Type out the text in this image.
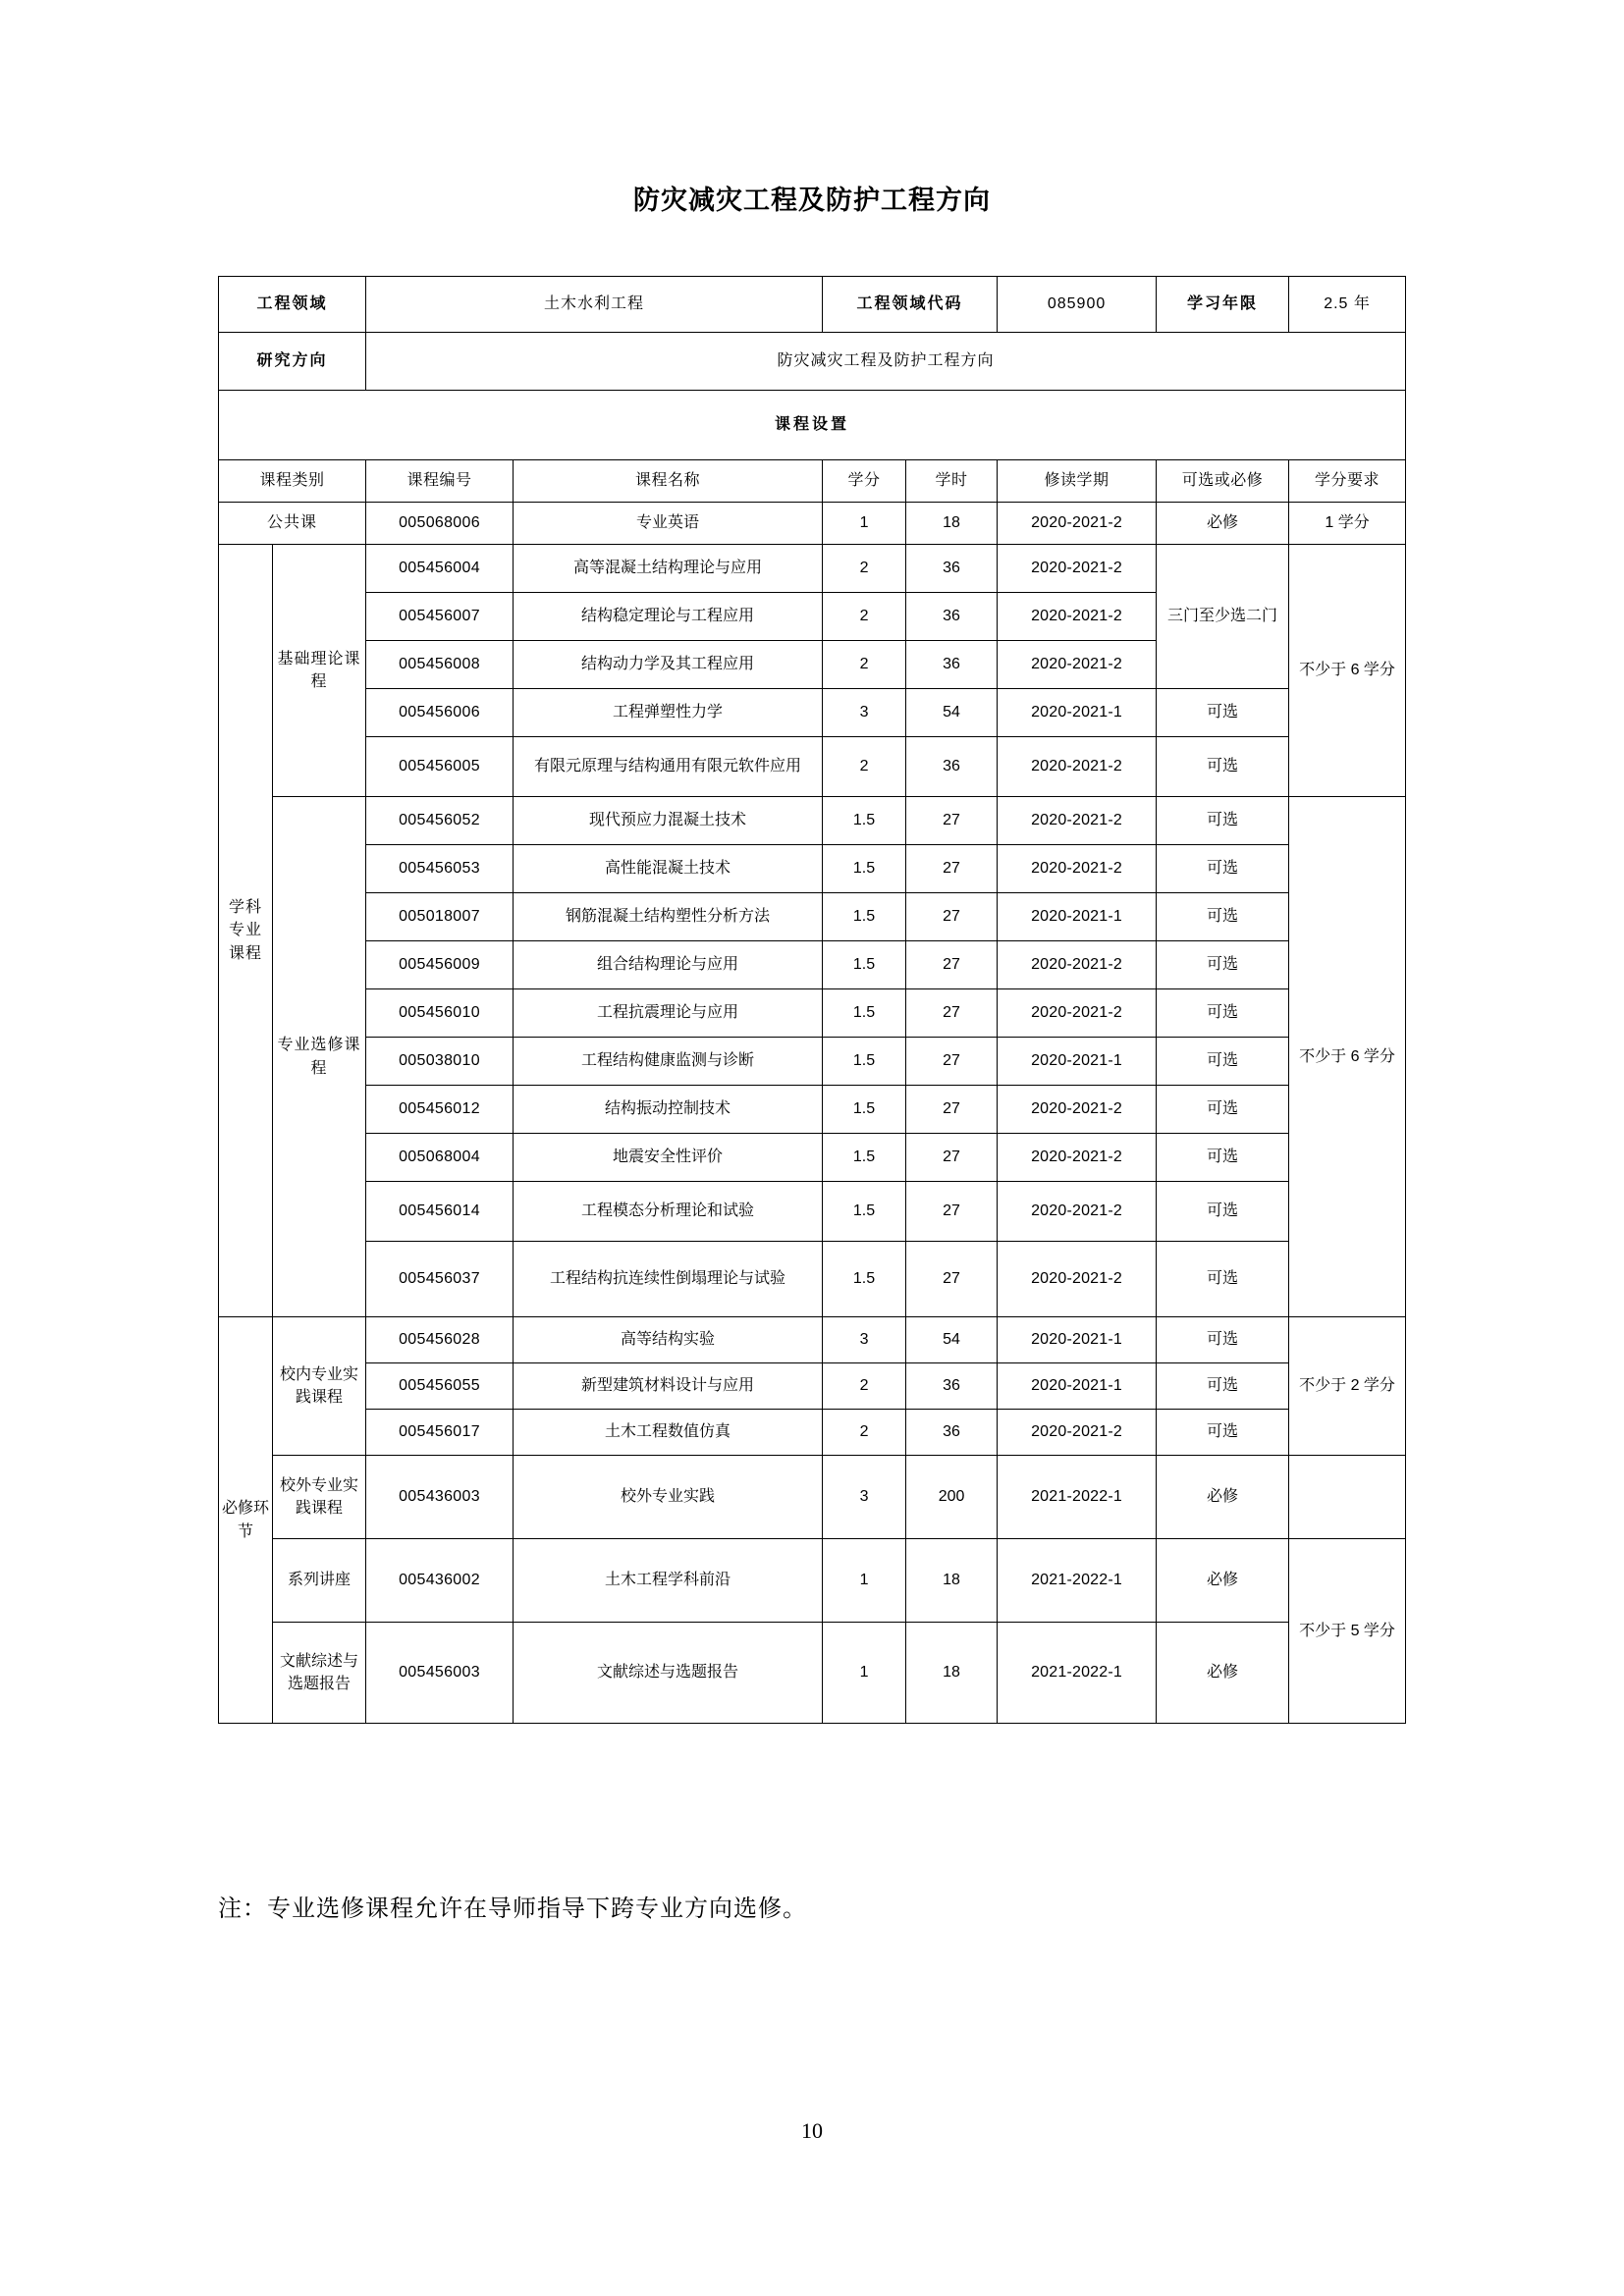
防灾减灾工程及防护工程方向
工程领域		土木水利工程		工程领域代码		085900	学习年限	2.5 年
研究方向		防灾减灾工程及防护工程方向						
课程设置								
课程类别		课程编号	课程名称	学分	学时	修读学期	可选或必修	学分要求
公共课		005068006	专业英语	1	18	2020-2021-2	必修	1 学分
学科专业课程	基础理论课程	005456004	高等混凝土结构理论与应用	2	36	2020-2021-2	三门至少选二门	不少于 6 学分
		005456007	结构稳定理论与工程应用	2	36	2020-2021-2		
		005456008	结构动力学及其工程应用	2	36	2020-2021-2		
		005456006	工程弹塑性力学	3	54	2020-2021-1	可选	
		005456005	有限元原理与结构通用有限元软件应用	2	36	2020-2021-2	可选	
	专业选修课程	005456052	现代预应力混凝土技术	1.5	27	2020-2021-2	可选	不少于 6 学分
		005456053	高性能混凝土技术	1.5	27	2020-2021-2	可选	
		005018007	钢筋混凝土结构塑性分析方法	1.5	27	2020-2021-1	可选	
		005456009	组合结构理论与应用	1.5	27	2020-2021-2	可选	
		005456010	工程抗震理论与应用	1.5	27	2020-2021-2	可选	
		005038010	工程结构健康监测与诊断	1.5	27	2020-2021-1	可选	
		005456012	结构振动控制技术	1.5	27	2020-2021-2	可选	
		005068004	地震安全性评价	1.5	27	2020-2021-2	可选	
		005456014	工程模态分析理论和试验	1.5	27	2020-2021-2	可选	
		005456037	工程结构抗连续性倒塌理论与试验	1.5	27	2020-2021-2	可选	
必修环节	校内专业实践课程	005456028	高等结构实验	3	54	2020-2021-1	可选	不少于 2 学分
		005456055	新型建筑材料设计与应用	2	36	2020-2021-1	可选	
		005456017	土木工程数值仿真	2	36	2020-2021-2	可选	
	校外专业实践课程	005436003	校外专业实践	3	200	2021-2022-1	必修	
	系列讲座	005436002	土木工程学科前沿	1	18	2021-2022-1	必修	不少于 5 学分
	文献综述与选题报告	005456003	文献综述与选题报告	1	18	2021-2022-1	必修	
注：专业选修课程允许在导师指导下跨专业方向选修。
10
